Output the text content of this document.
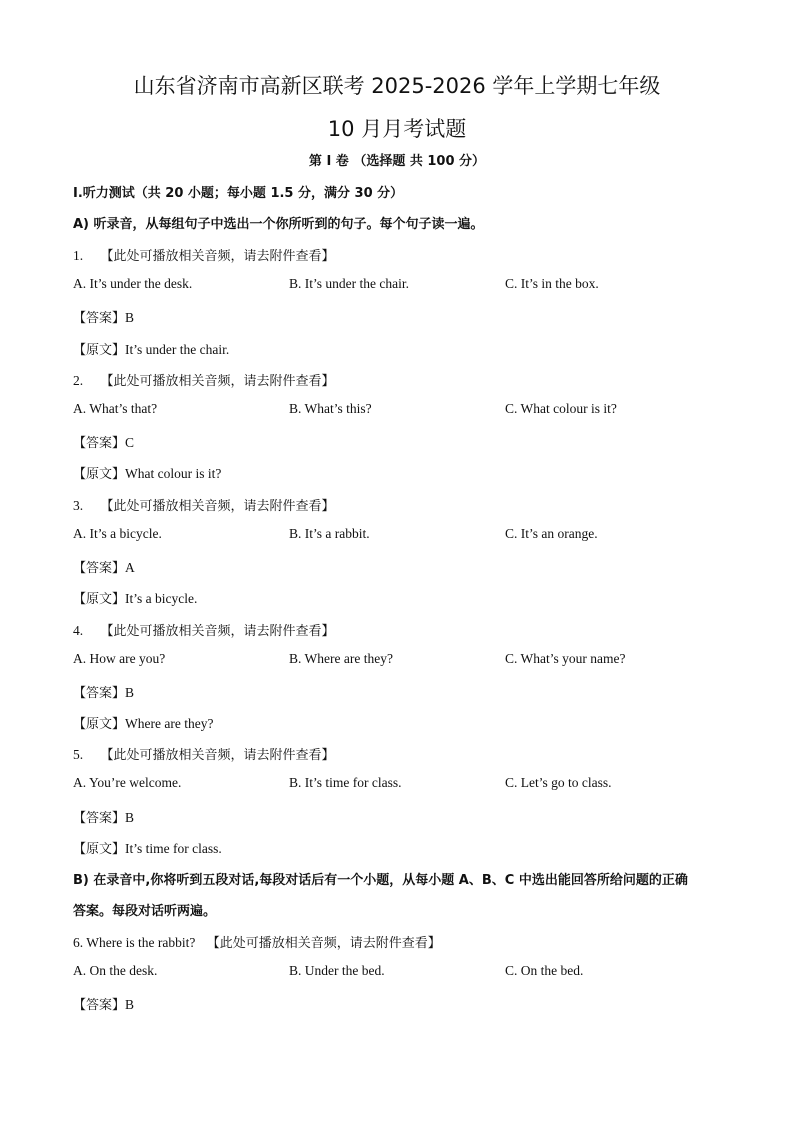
山东省济南市高新区联考 2025-2026 学年上学期七年级
10 月月考试题
第 I 卷 （选择题 共 100 分）
Ⅰ.听力测试（共 20 小题；每小题 1.5 分，满分 30 分）
A) 听录音，从每组句子中选出一个你所听到的句子。每个句子读一遍。
1. 【此处可播放相关音频，请去附件查看】
A. It’s under the desk.	B. It’s under the chair.	C. It’s in the box.
【答案】B
【原文】It’s under the chair.
2. 【此处可播放相关音频，请去附件查看】
A. What’s that?	B. What’s this?	C. What colour is it?
【答案】C
【原文】What colour is it?
3. 【此处可播放相关音频，请去附件查看】
A. It’s a bicycle.	B. It’s a rabbit.	C. It’s an orange.
【答案】A
【原文】It’s a bicycle.
4. 【此处可播放相关音频，请去附件查看】
A. How are you?	B. Where are they?	C. What’s your name?
【答案】B
【原文】Where are they?
5. 【此处可播放相关音频，请去附件查看】
A. You’re welcome.	B. It’s time for class.	C. Let’s go to class.
【答案】B
【原文】It’s time for class.
B) 在录音中,你将听到五段对话,每段对话后有一个小题，从每小题 A、B、C 中选出能回答所给问题的正确
答案。每段对话听两遍。
6. Where is the rabbit? 【此处可播放相关音频，请去附件查看】
A. On the desk.	B. Under the bed.	C. On the bed.
【答案】B
